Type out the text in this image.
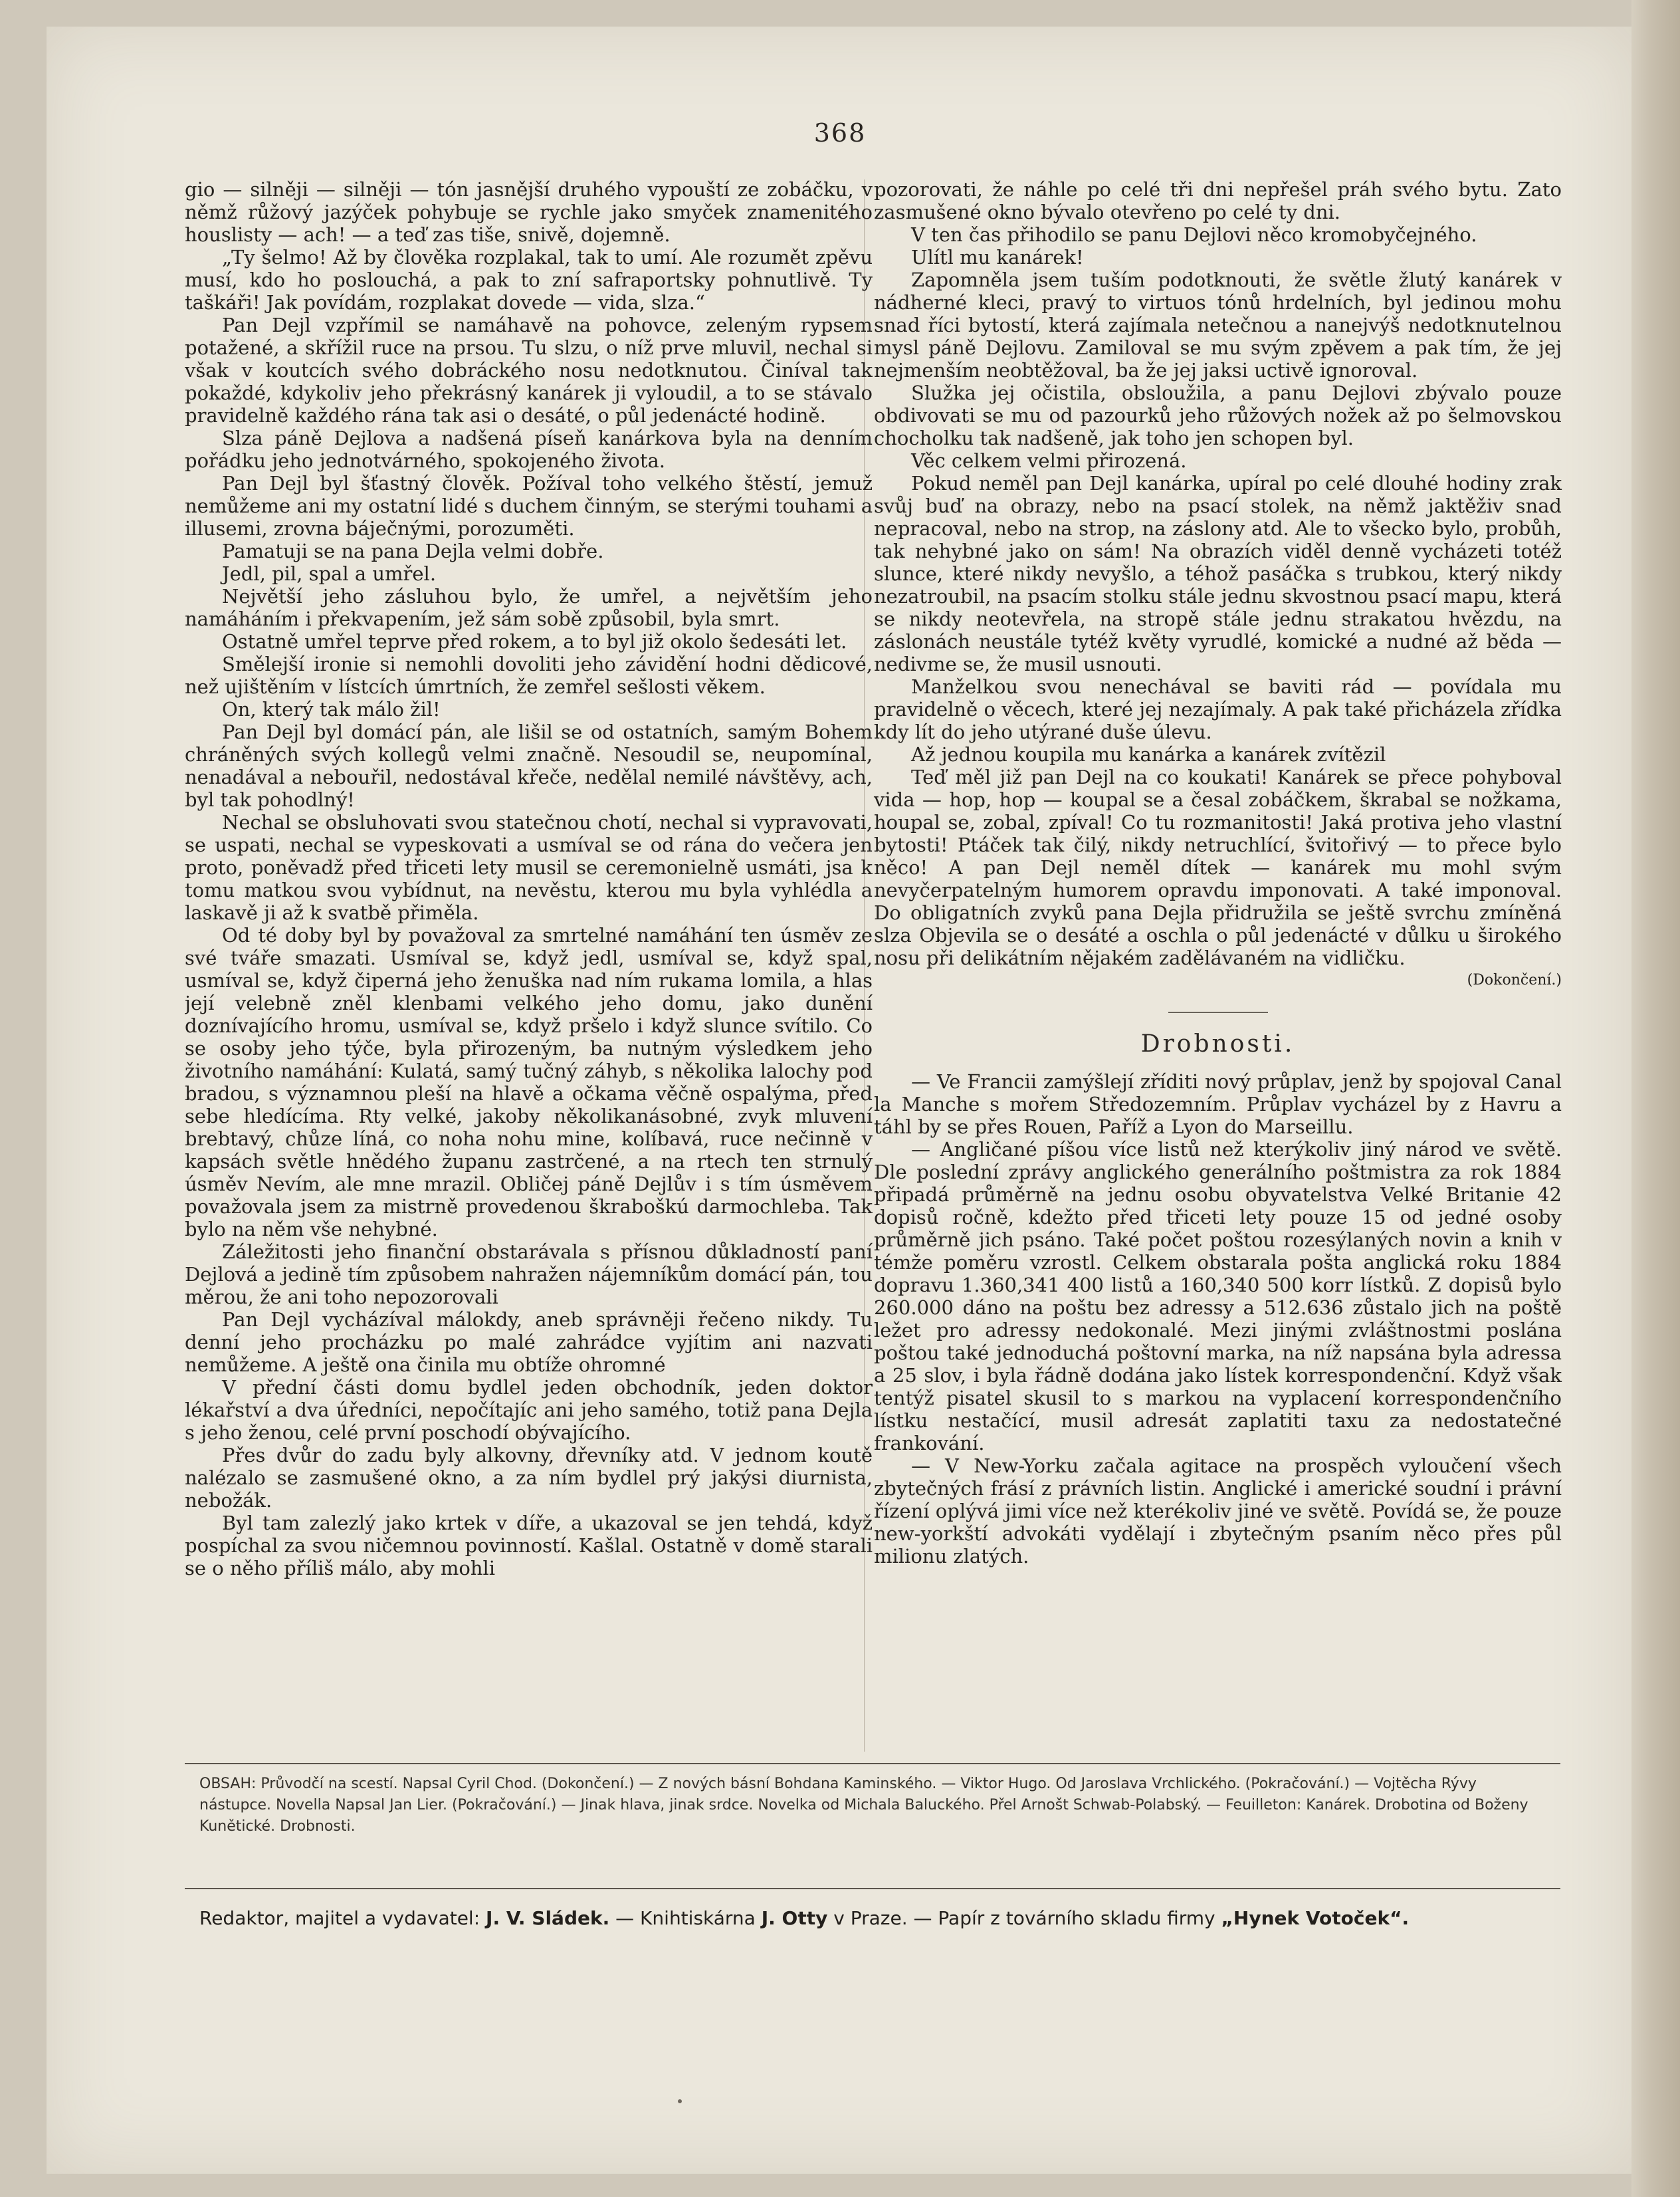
368

gio — silněji — silněji — tón jasnější druhého vypouští ze zobáčku, v němž růžový jazýček pohybuje se rychle jako smyček znamenitého houslisty — ach! — a teď zas tiše, snivě, dojemně.

„Ty šelmo! Až by člověka rozplakal, tak to umí. Ale rozumět zpěvu musí, kdo ho poslouchá, a pak to zní safraportsky pohnutlivě. Ty taškáři! Jak povídám, rozplakat dovede — vida, slza.“

Pan Dejl vzpřímil se namáhavě na pohovce, zeleným rypsem potažené, a skřížil ruce na prsou. Tu slzu, o níž prve mluvil, nechal si však v koutcích svého dobráckého nosu nedotknutou. Činíval tak pokaždé, kdykoliv jeho překrásný kanárek ji vyloudil, a to se stávalo pravidelně každého rána tak asi o desáté, o půl jedenácté hodině.

Slza páně Dejlova a nadšená píseň kanárkova byla na denním pořádku jeho jednotvárného, spokojeného života.

Pan Dejl byl šťastný člověk. Požíval toho velkého štěstí, jemuž nemůžeme ani my ostatní lidé s duchem činným, se sterými touhami a illusemi, zrovna báječnými, porozuměti.

Pamatuji se na pana Dejla velmi dobře.

Jedl, pil, spal a umřel.

Největší jeho zásluhou bylo, že umřel, a největším jeho namáháním i překvapením, jež sám sobě způsobil, byla smrt.

Ostatně umřel teprve před rokem, a to byl již okolo šedesáti let.

Smělejší ironie si nemohli dovoliti jeho závidění hodni dědicové, než ujištěním v lístcích úmrtních, že zemřel sešlosti věkem.

On, který tak málo žil!

Pan Dejl byl domácí pán, ale lišil se od ostatních, samým Bohem chráněných svých kollegů velmi značně. Nesoudil se, neupomínal, nenadával a nebouřil, nedostával křeče, nedělal nemilé návštěvy, ach, byl tak pohodlný!

Nechal se obsluhovati svou statečnou chotí, nechal si vypravovati, se uspati, nechal se vypeskovati a usmíval se od rána do večera jen proto, poněvadž před třiceti lety musil se ceremonielně usmáti, jsa k tomu matkou svou vybídnut, na nevěstu, kterou mu byla vyhlédla a laskavě ji až k svatbě přiměla.

Od té doby byl by považoval za smrtelné namáhání ten úsměv ze své tváře smazati. Usmíval se, když jedl, usmíval se, když spal, usmíval se, když čiperná jeho ženuška nad ním rukama lomila, a hlas její velebně zněl klenbami velkého jeho domu, jako dunění doznívajícího hromu, usmíval se, když pršelo i když slunce svítilo. Co se osoby jeho týče, byla přirozeným, ba nutným výsledkem jeho životního namáhání: Kulatá, samý tučný záhyb, s několika lalochy pod bradou, s významnou pleší na hlavě a očkama věčně ospalýma, před sebe hledícíma. Rty velké, jakoby několikanásobné, zvyk mluvení brebtavý, chůze líná, co noha nohu mine, kolíbavá, ruce nečinně v kapsách světle hnědého županu zastrčené, a na rtech ten strnulý úsměv Nevím, ale mne mrazil. Obličej páně Dejlův i s tím úsměvem považovala jsem za mistrně provedenou škraboškú darmochleba. Tak bylo na něm vše nehybné.

Záležitosti jeho finanční obstarávala s přísnou důkladností paní Dejlová a jedině tím způsobem nahražen nájemníkům domácí pán, tou měrou, že ani toho nepozorovali

Pan Dejl vycházíval málokdy, aneb správněji řečeno nikdy. Tu denní jeho procházku po malé zahrádce vyjítim ani nazvati nemůžeme. A ještě ona činila mu obtíže ohromné

V přední části domu bydlel jeden obchodník, jeden doktor lékařství a dva úředníci, nepočítajíc ani jeho samého, totiž pana Dejla s jeho ženou, celé první poschodí obývajícího.

Přes dvůr do zadu byly alkovny, dřevníky atd. V jednom koutě nalézalo se zasmušené okno, a za ním bydlel prý jakýsi diurnista, nebožák.

Byl tam zalezlý jako krtek v díře, a ukazoval se jen tehdá, když pospíchal za svou ničemnou povinností. Kašlal. Ostatně v domě starali se o něho příliš málo, aby mohli

pozorovati, že náhle po celé tři dni nepřešel práh svého bytu. Zato zasmušené okno bývalo otevřeno po celé ty dni.

V ten čas přihodilo se panu Dejlovi něco kromobyčejného.

Ulítl mu kanárek!

Zapomněla jsem tuším podotknouti, že světle žlutý kanárek v nádherné kleci, pravý to virtuos tónů hrdelních, byl jedinou mohu snad říci bytostí, která zajímala netečnou a nanejvýš nedotknutelnou mysl páně Dejlovu. Zamiloval se mu svým zpěvem a pak tím, že jej nejmenším neobtěžoval, ba že jej jaksi uctivě ignoroval.

Služka jej očistila, obsloužila, a panu Dejlovi zbývalo pouze obdivovati se mu od pazourků jeho růžových nožek až po šelmovskou chocholku tak nadšeně, jak toho jen schopen byl.

Věc celkem velmi přirozená.

Pokud neměl pan Dejl kanárka, upíral po celé dlouhé hodiny zrak svůj buď na obrazy, nebo na psací stolek, na němž jaktěživ snad nepracoval, nebo na strop, na záslony atd. Ale to všecko bylo, probůh, tak nehybné jako on sám! Na obrazích viděl denně vycházeti totéž slunce, které nikdy nevyšlo, a téhož pasáčka s trubkou, který nikdy nezatroubil, na psacím stolku stále jednu skvostnou psací mapu, která se nikdy neotevřela, na stropě stále jednu strakatou hvězdu, na záslonách neustále tytéž květy vyrudlé, komické a nudné až běda — nedivme se, že musil usnouti.

Manželkou svou nenechával se baviti rád — povídala mu pravidelně o věcech, které jej nezajímaly. A pak také přicházela zřídka kdy lít do jeho utýrané duše úlevu.

Až jednou koupila mu kanárka a kanárek zvítězil

Teď měl již pan Dejl na co koukati! Kanárek se přece pohyboval vida — hop, hop — koupal se a česal zobáčkem, škrabal se nožkama, houpal se, zobal, zpíval! Co tu rozmanitosti! Jaká protiva jeho vlastní bytosti! Ptáček tak čilý, nikdy netruchlící, švitořivý — to přece bylo něco! A pan Dejl neměl dítek — kanárek mu mohl svým nevyčerpatelným humorem opravdu imponovati. A také imponoval. Do obligatních zvyků pana Dejla přidružila se ještě svrchu zmíněná slza Objevila se o desáté a oschla o půl jedenácté v důlku u širokého nosu při delikátním nějakém zadělávaném na vidličku.

(Dokončení.)
Drobnosti.

— Ve Francii zamýšlejí zříditi nový průplav, jenž by spojoval Canal la Manche s mořem Středozemním. Průplav vycházel by z Havru a táhl by se přes Rouen, Paříž a Lyon do Marseillu.

— Angličané píšou více listů než kterýkoliv jiný národ ve světě. Dle poslední zprávy anglického generálního poštmistra za rok 1884 připadá průměrně na jednu osobu obyvatelstva Velké Britanie 42 dopisů ročně, kdežto před třiceti lety pouze 15 od jedné osoby průměrně jich psáno. Také počet poštou rozesýlaných novin a knih v témže poměru vzrostl. Celkem obstarala pošta anglická roku 1884 dopravu 1.360,341 400 listů a 160,340 500 korr lístků. Z dopisů bylo 260.000 dáno na poštu bez adressy a 512.636 zůstalo jich na poště ležet pro adressy nedokonalé. Mezi jinými zvláštnostmi poslána poštou také jednoduchá poštovní marka, na níž napsána byla adressa a 25 slov, i byla řádně dodána jako lístek korrespondenční. Když však tentýž pisatel skusil to s markou na vyplacení korrespondenčního lístku nestačící, musil adresát zaplatiti taxu za nedostatečné frankování.

— V New-Yorku začala agitace na prospěch vyloučení všech zbytečných frásí z právních listin. Anglické i americké soudní i právní řízení oplývá jimi více než kterékoliv jiné ve světě. Povídá se, že pouze new-yorkští advokáti vydělají i zbytečným psaním něco přes půl milionu zlatých.

OBSAH: Průvodčí na scestí. Napsal Cyril Chod. (Dokončení.) — Z nových básní Bohdana Kaminského. — Viktor Hugo. Od Jaroslava Vrchlického. (Pokračování.) — Vojtěcha Rývy nástupce. Novella Napsal Jan Lier. (Pokračování.) — Jinak hlava, jinak srdce. Novelka od Michala Baluckého. Přel Arnošt Schwab-Polabský. — Feuilleton: Kanárek. Drobotina od Boženy Kunětické. Drobnosti.
Redaktor, majitel a vydavatel: J. V. Sládek. — Knihtiskárna J. Otty v Praze. — Papír z továrního skladu firmy „Hynek Votoček“.
